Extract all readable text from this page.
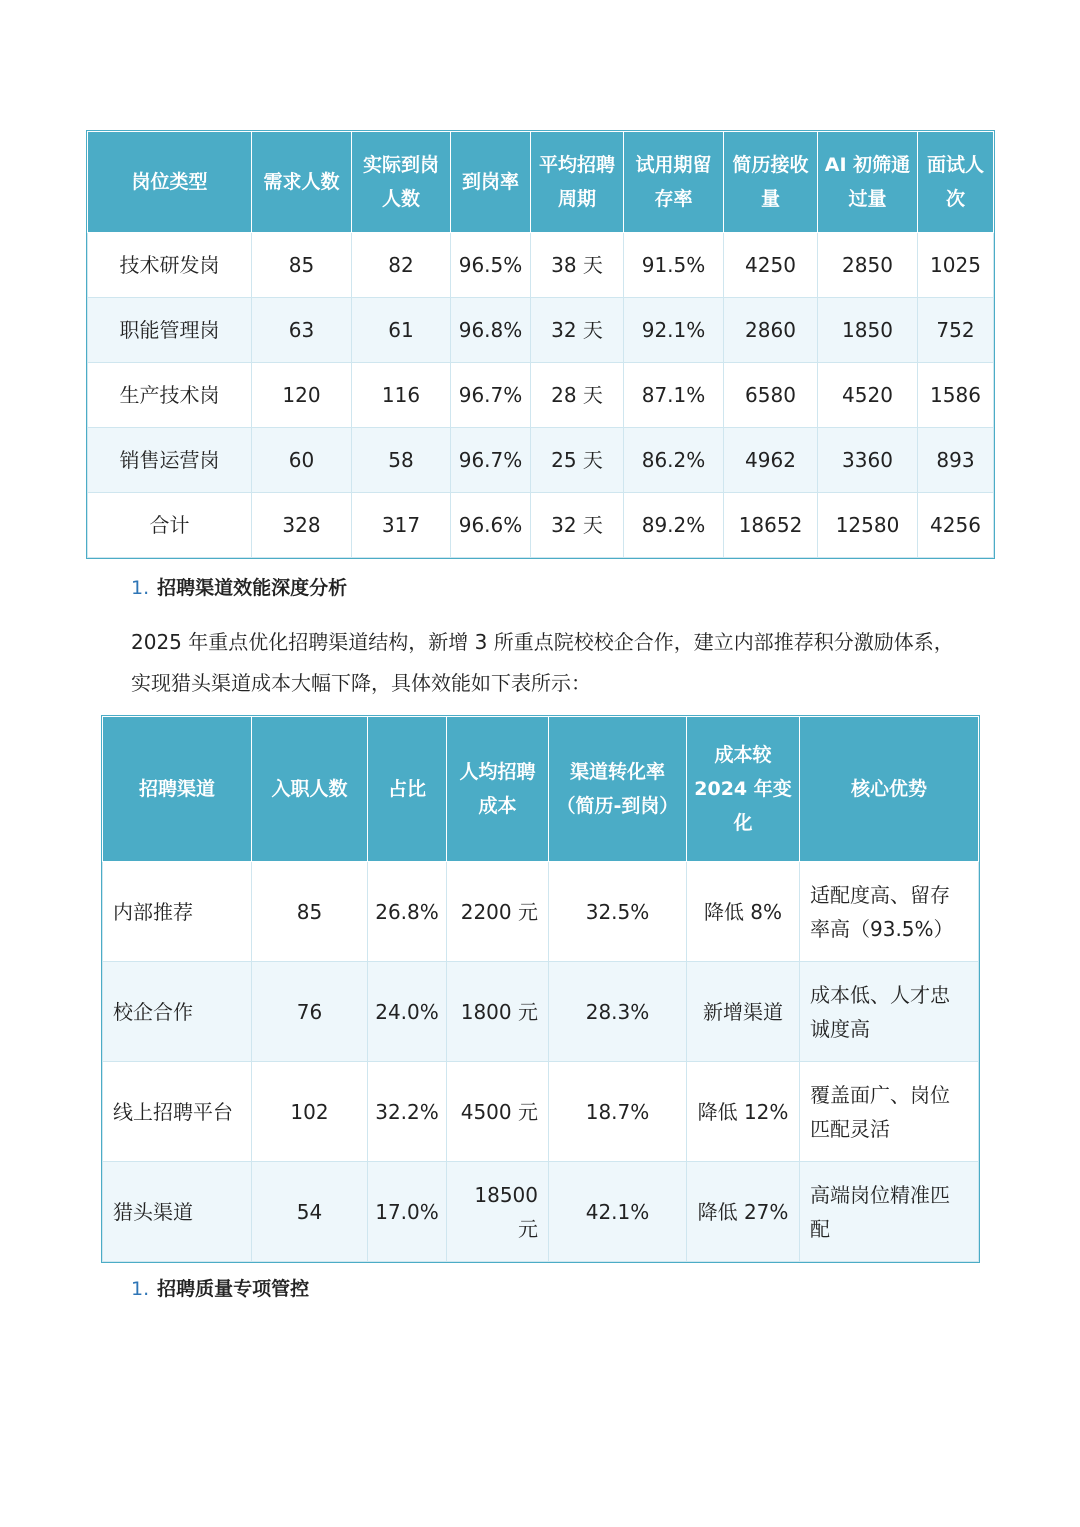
岗位类型	需求人数	实际到岗人数	到岗率	平均招聘周期	试用期留存率	简历接收量	AI 初筛通过量	面试人次
技术研发岗	85	82	96.5%	38 天	91.5%	4250	2850	1025
职能管理岗	63	61	96.8%	32 天	92.1%	2860	1850	752
生产技术岗	120	116	96.7%	28 天	87.1%	6580	4520	1586
销售运营岗	60	58	96.7%	25 天	86.2%	4962	3360	893
合计	328	317	96.6%	32 天	89.2%	18652	12580	4256
1. 招聘渠道效能深度分析
2025 年重点优化招聘渠道结构，新增 3 所重点院校校企合作，建立内部推荐积分激励体系，实现猎头渠道成本大幅下降，具体效能如下表所示：
招聘渠道	入职人数	占比	人均招聘成本	渠道转化率（简历-到岗）	成本较 2024 年变化	核心优势
内部推荐	85	26.8%	2200 元	32.5%	降低 8%	适配度高、留存率高（93.5%）
校企合作	76	24.0%	1800 元	28.3%	新增渠道	成本低、人才忠诚度高
线上招聘平台	102	32.2%	4500 元	18.7%	降低 12%	覆盖面广、岗位匹配灵活
猎头渠道	54	17.0%	18500 元	42.1%	降低 27%	高端岗位精准匹配
1. 招聘质量专项管控
